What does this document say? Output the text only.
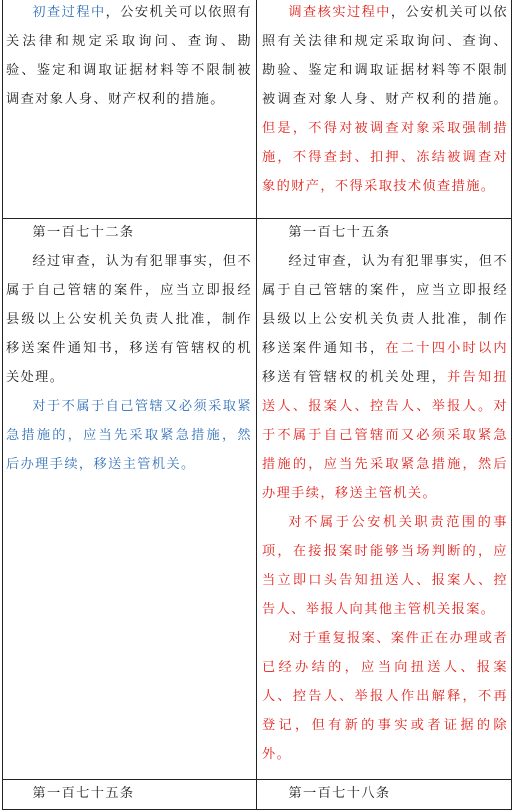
初查过程中，公安机关可以依照有关法律和规定采取询问、查询、勘验、鉴定和调取证据材料等不限制被调查对象人身、财产权利的措施。

调查核实过程中，公安机关可以依照有关法律和规定采取询问、查询、勘验、鉴定和调取证据材料等不限制被调查对象人身、财产权利的措施。但是，不得对被调查对象采取强制措施，不得查封、扣押、冻结被调查对象的财产，不得采取技术侦查措施。

第一百七十二条

经过审查，认为有犯罪事实，但不属于自己管辖的案件，应当立即报经县级以上公安机关负责人批准，制作移送案件通知书，移送有管辖权的机关处理。

对于不属于自己管辖又必须采取紧急措施的，应当先采取紧急措施，然后办理手续，移送主管机关。

第一百七十五条

经过审查，认为有犯罪事实，但不属于自己管辖的案件，应当立即报经县级以上公安机关负责人批准，制作移送案件通知书，在二十四小时以内移送有管辖权的机关处理，并告知扭送人、报案人、控告人、举报人。对于不属于自己管辖而又必须采取紧急措施的，应当先采取紧急措施，然后办理手续，移送主管机关。

对不属于公安机关职责范围的事项，在接报案时能够当场判断的，应当立即口头告知扭送人、报案人、控告人、举报人向其他主管机关报案。

对于重复报案、案件正在办理或者已经办结的，应当向扭送人、报案人、控告人、举报人作出解释，不再登记，但有新的事实或者证据的除外。

第一百七十五条	第一百七十八条
